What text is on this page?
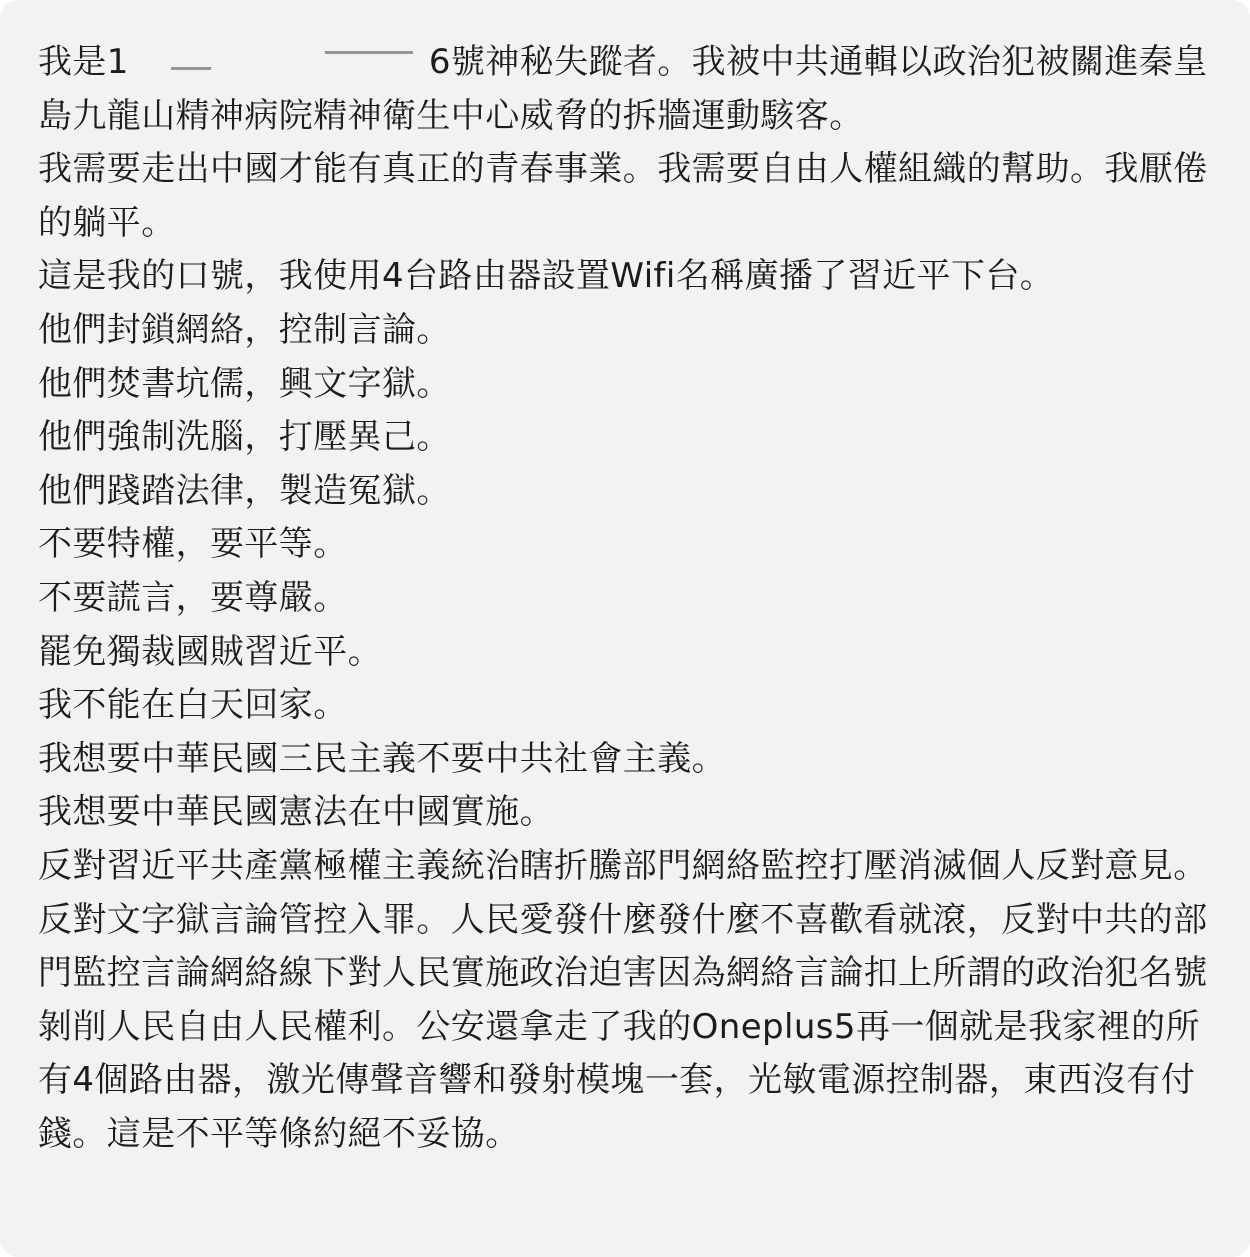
我是1	6號神秘失蹤者。我被中共通輯以政治犯被關進秦皇島九龍山精神病院精神衛生中心威脅的拆牆運動駭客。

我需要走出中國才能有真正的青春事業。我需要自由人權組織的幫助。我厭倦的躺平。

這是我的口號，我使用4台路由器設置Wifi名稱廣播了習近平下台。

他們封鎖網絡，控制言論。

他們焚書坑儒，興文字獄。

他們強制洗腦，打壓異己。

他們踐踏法律，製造冤獄。

不要特權，要平等。

不要謊言，要尊嚴。

罷免獨裁國賊習近平。

我不能在白天回家。

我想要中華民國三民主義不要中共社會主義。

我想要中華民國憲法在中國實施。

反對習近平共產黨極權主義統治瞎折騰部門網絡監控打壓消滅個人反對意見。反對文字獄言論管控入罪。人民愛發什麼發什麼不喜歡看就滾，反對中共的部門監控言論網絡線下對人民實施政治迫害因為網絡言論扣上所謂的政治犯名號剝削人民自由人民權利。公安還拿走了我的Oneplus5再一個就是我家裡的所有4個路由器，激光傳聲音響和發射模塊一套，光敏電源控制器，東西沒有付錢。這是不平等條約絕不妥協。
